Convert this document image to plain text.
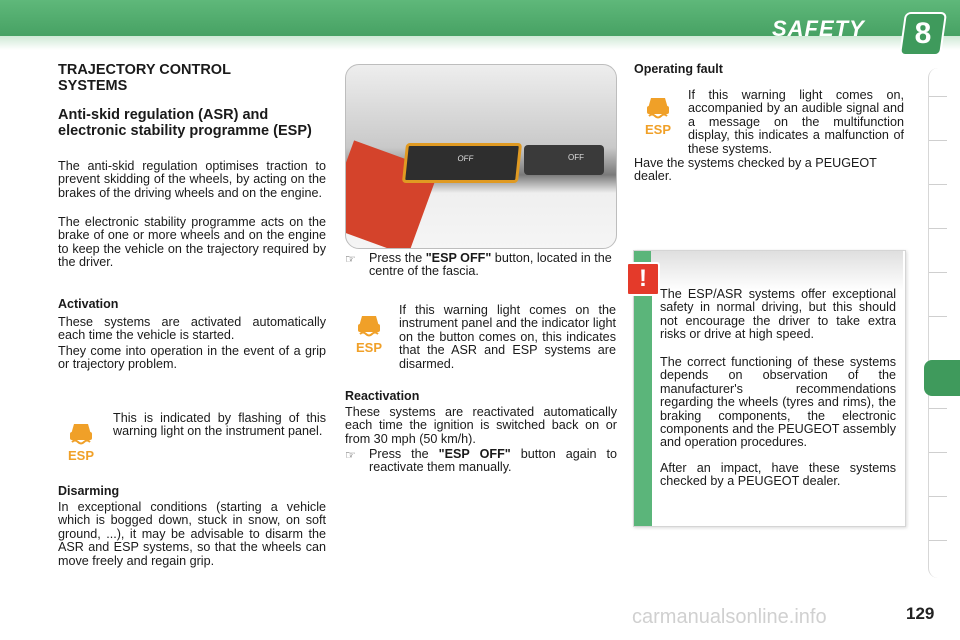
SAFETY	8
TRAJECTORY CONTROL SYSTEMS
Anti-skid regulation (ASR) and electronic stability programme (ESP)
The anti-skid regulation optimises traction to prevent skidding of the wheels, by acting on the brakes of the driving wheels and on the engine.
The electronic stability programme acts on the brake of one or more wheels and on the engine to keep the vehicle on the trajectory required by the driver.
Activation
These systems are activated automatically each time the vehicle is started.
They come into operation in the event of a grip or trajectory problem.
ESP
This is indicated by flashing of this warning light on the instrument panel.
Disarming
In exceptional conditions (starting a vehicle which is bogged down, stuck in snow, on soft ground, ...), it may be advisable to disarm the ASR and ESP systems, so that the wheels can move freely and regain grip.
OFF	OFF
☞ Press the "ESP OFF" button, located in the centre of the fascia.
ESP
If this warning light comes on the instrument panel and the indicator light on the button comes on, this indicates that the ASR and ESP systems are disarmed.
Reactivation
These systems are reactivated automatically each time the ignition is switched back on or from 30 mph (50 km/h).
☞ Press the "ESP OFF" button again to reactivate them manually.
Operating fault
ESP
If this warning light comes on, accompanied by an audible signal and a message on the multifunction display, this indicates a malfunction of these systems.
Have the systems checked by a PEUGEOT dealer.
!
The ESP/ASR systems offer exceptional safety in normal driving, but this should not encourage the driver to take extra risks or drive at high speed.
The correct functioning of these systems depends on observation of the manufacturer's recommendations regarding the wheels (tyres and rims), the braking components, the electronic components and the PEUGEOT assembly and operation procedures.
After an impact, have these systems checked by a PEUGEOT dealer.
carmanualsonline.info	129
